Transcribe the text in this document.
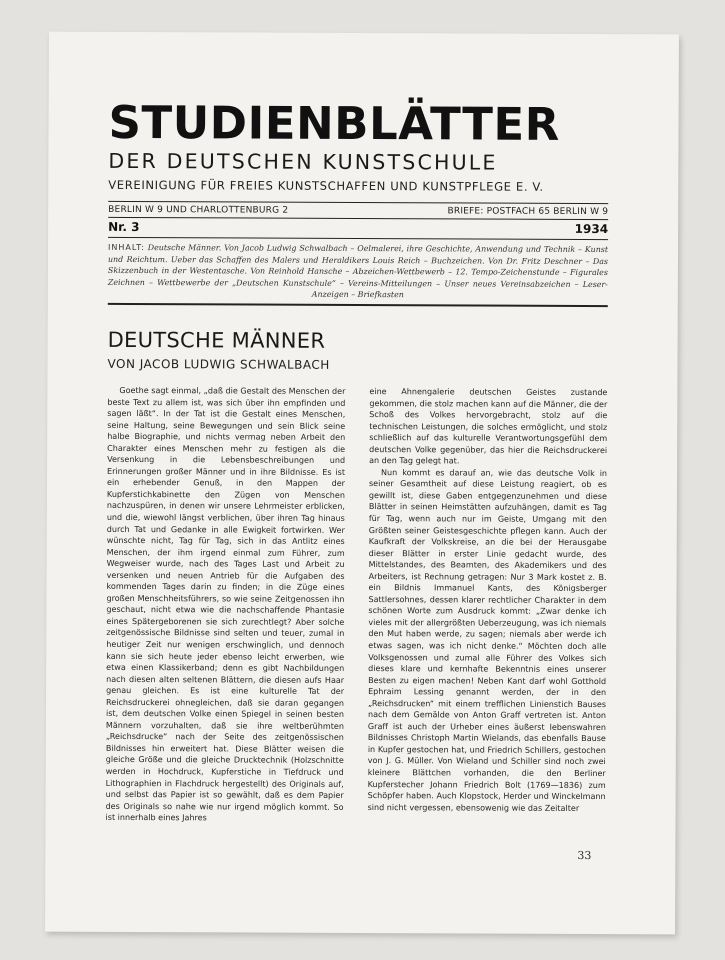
STUDIENBLÄTTER
DER DEUTSCHEN KUNSTSCHULE
VEREINIGUNG FÜR FREIES KUNSTSCHAFFEN UND KUNSTPFLEGE E. V.
BERLIN W 9 UND CHARLOTTENBURG 2	BRIEFE: POSTFACH 65 BERLIN W 9
Nr. 3	1934
INHALT: Deutsche Männer. Von Jacob Ludwig Schwalbach – Oelmalerei, ihre Geschichte, Anwendung und Technik – Kunst und Reichtum. Ueber das Schaffen des Malers und Heraldikers Louis Reich – Buchzeichen. Von Dr. Fritz Deschner – Das Skizzenbuch in der Westentasche. Von Reinhold Hansche – Abzeichen-Wettbewerb – 12. Tempo-Zeichenstunde – Figurales Zeichnen – Wettbewerbe der „Deutschen Kunstschule“ – Vereins-Mitteilungen – Unser neues Vereinsabzeichen – Leser-Anzeigen – Briefkasten
DEUTSCHE MÄNNER
VON JACOB LUDWIG SCHWALBACH

Goethe sagt einmal, „daß die Gestalt des Menschen der beste Text zu allem ist, was sich über ihn empfinden und sagen läßt“. In der Tat ist die Gestalt eines Menschen, seine Haltung, seine Bewegungen und sein Blick seine halbe Biographie, und nichts vermag neben Arbeit den Charakter eines Menschen mehr zu festigen als die Versenkung in die Lebensbeschreibungen und Erinnerungen großer Männer und in ihre Bildnisse. Es ist ein erhebender Genuß, in den Mappen der Kupferstichkabinette den Zügen von Menschen nachzuspüren, in denen wir unsere Lehrmeister erblicken, und die, wiewohl längst verblichen, über ihren Tag hinaus durch Tat und Gedanke in alle Ewigkeit fortwirken. Wer wünschte nicht, Tag für Tag, sich in das Antlitz eines Menschen, der ihm irgend einmal zum Führer, zum Wegweiser wurde, nach des Tages Last und Arbeit zu versenken und neuen Antrieb für die Aufgaben des kommenden Tages darin zu finden; in die Züge eines großen Menschheitsführers, so wie seine Zeitgenossen ihn geschaut, nicht etwa wie die nachschaffende Phantasie eines Spätergeborenen sie sich zurechtlegt? Aber solche zeitgenössische Bildnisse sind selten und teuer, zumal in heutiger Zeit nur wenigen erschwinglich, und dennoch kann sie sich heute jeder ebenso leicht erwerben, wie etwa einen Klassikerband; denn es gibt Nachbildungen nach diesen alten seltenen Blättern, die diesen aufs Haar genau gleichen. Es ist eine kulturelle Tat der Reichsdruckerei ohnegleichen, daß sie daran gegangen ist, dem deutschen Volke einen Spiegel in seinen besten Männern vorzuhalten, daß sie ihre weltberühmten „Reichsdrucke“ nach der Seite des zeitgenössischen Bildnisses hin erweitert hat. Diese Blätter weisen die gleiche Größe und die gleiche Drucktechnik (Holzschnitte werden in Hochdruck, Kupferstiche in Tiefdruck und Lithographien in Flachdruck hergestellt) des Originals auf, und selbst das Papier ist so gewählt, daß es dem Papier des Originals so nahe wie nur irgend möglich kommt. So ist innerhalb eines Jahres

eine Ahnengalerie deutschen Geistes zustande gekommen, die stolz machen kann auf die Männer, die der Schoß des Volkes hervorgebracht, stolz auf die technischen Leistungen, die solches ermöglicht, und stolz schließlich auf das kulturelle Verantwortungsgefühl dem deutschen Volke gegenüber, das hier die Reichsdruckerei an den Tag gelegt hat.

Nun kommt es darauf an, wie das deutsche Volk in seiner Gesamtheit auf diese Leistung reagiert, ob es gewillt ist, diese Gaben entgegenzunehmen und diese Blätter in seinen Heimstätten aufzuhängen, damit es Tag für Tag, wenn auch nur im Geiste, Umgang mit den Größten seiner Geistesgeschichte pflegen kann. Auch der Kaufkraft der Volkskreise, an die bei der Herausgabe dieser Blätter in erster Linie gedacht wurde, des Mittelstandes, des Beamten, des Akademikers und des Arbeiters, ist Rechnung getragen: Nur 3 Mark kostet z. B. ein Bildnis Immanuel Kants, des Königsberger Sattlersohnes, dessen klarer rechtlicher Charakter in dem schönen Worte zum Ausdruck kommt: „Zwar denke ich vieles mit der allergrößten Ueberzeugung, was ich niemals den Mut haben werde, zu sagen; niemals aber werde ich etwas sagen, was ich nicht denke.“ Möchten doch alle Volksgenossen und zumal alle Führer des Volkes sich dieses klare und kernhafte Bekenntnis eines unserer Besten zu eigen machen! Neben Kant darf wohl Gotthold Ephraim Lessing genannt werden, der in den „Reichsdrucken“ mit einem trefflichen Linienstich Bauses nach dem Gemälde von Anton Graff vertreten ist. Anton Graff ist auch der Urheber eines äußerst lebenswahren Bildnisses Christoph Martin Wielands, das ebenfalls Bause in Kupfer gestochen hat, und Friedrich Schillers, gestochen von J. G. Müller. Von Wieland und Schiller sind noch zwei kleinere Blättchen vorhanden, die den Berliner Kupferstecher Johann Friedrich Bolt (1769—1836) zum Schöpfer haben. Auch Klopstock, Herder und Winckelmann sind nicht vergessen, ebensowenig wie das Zeitalter

33
